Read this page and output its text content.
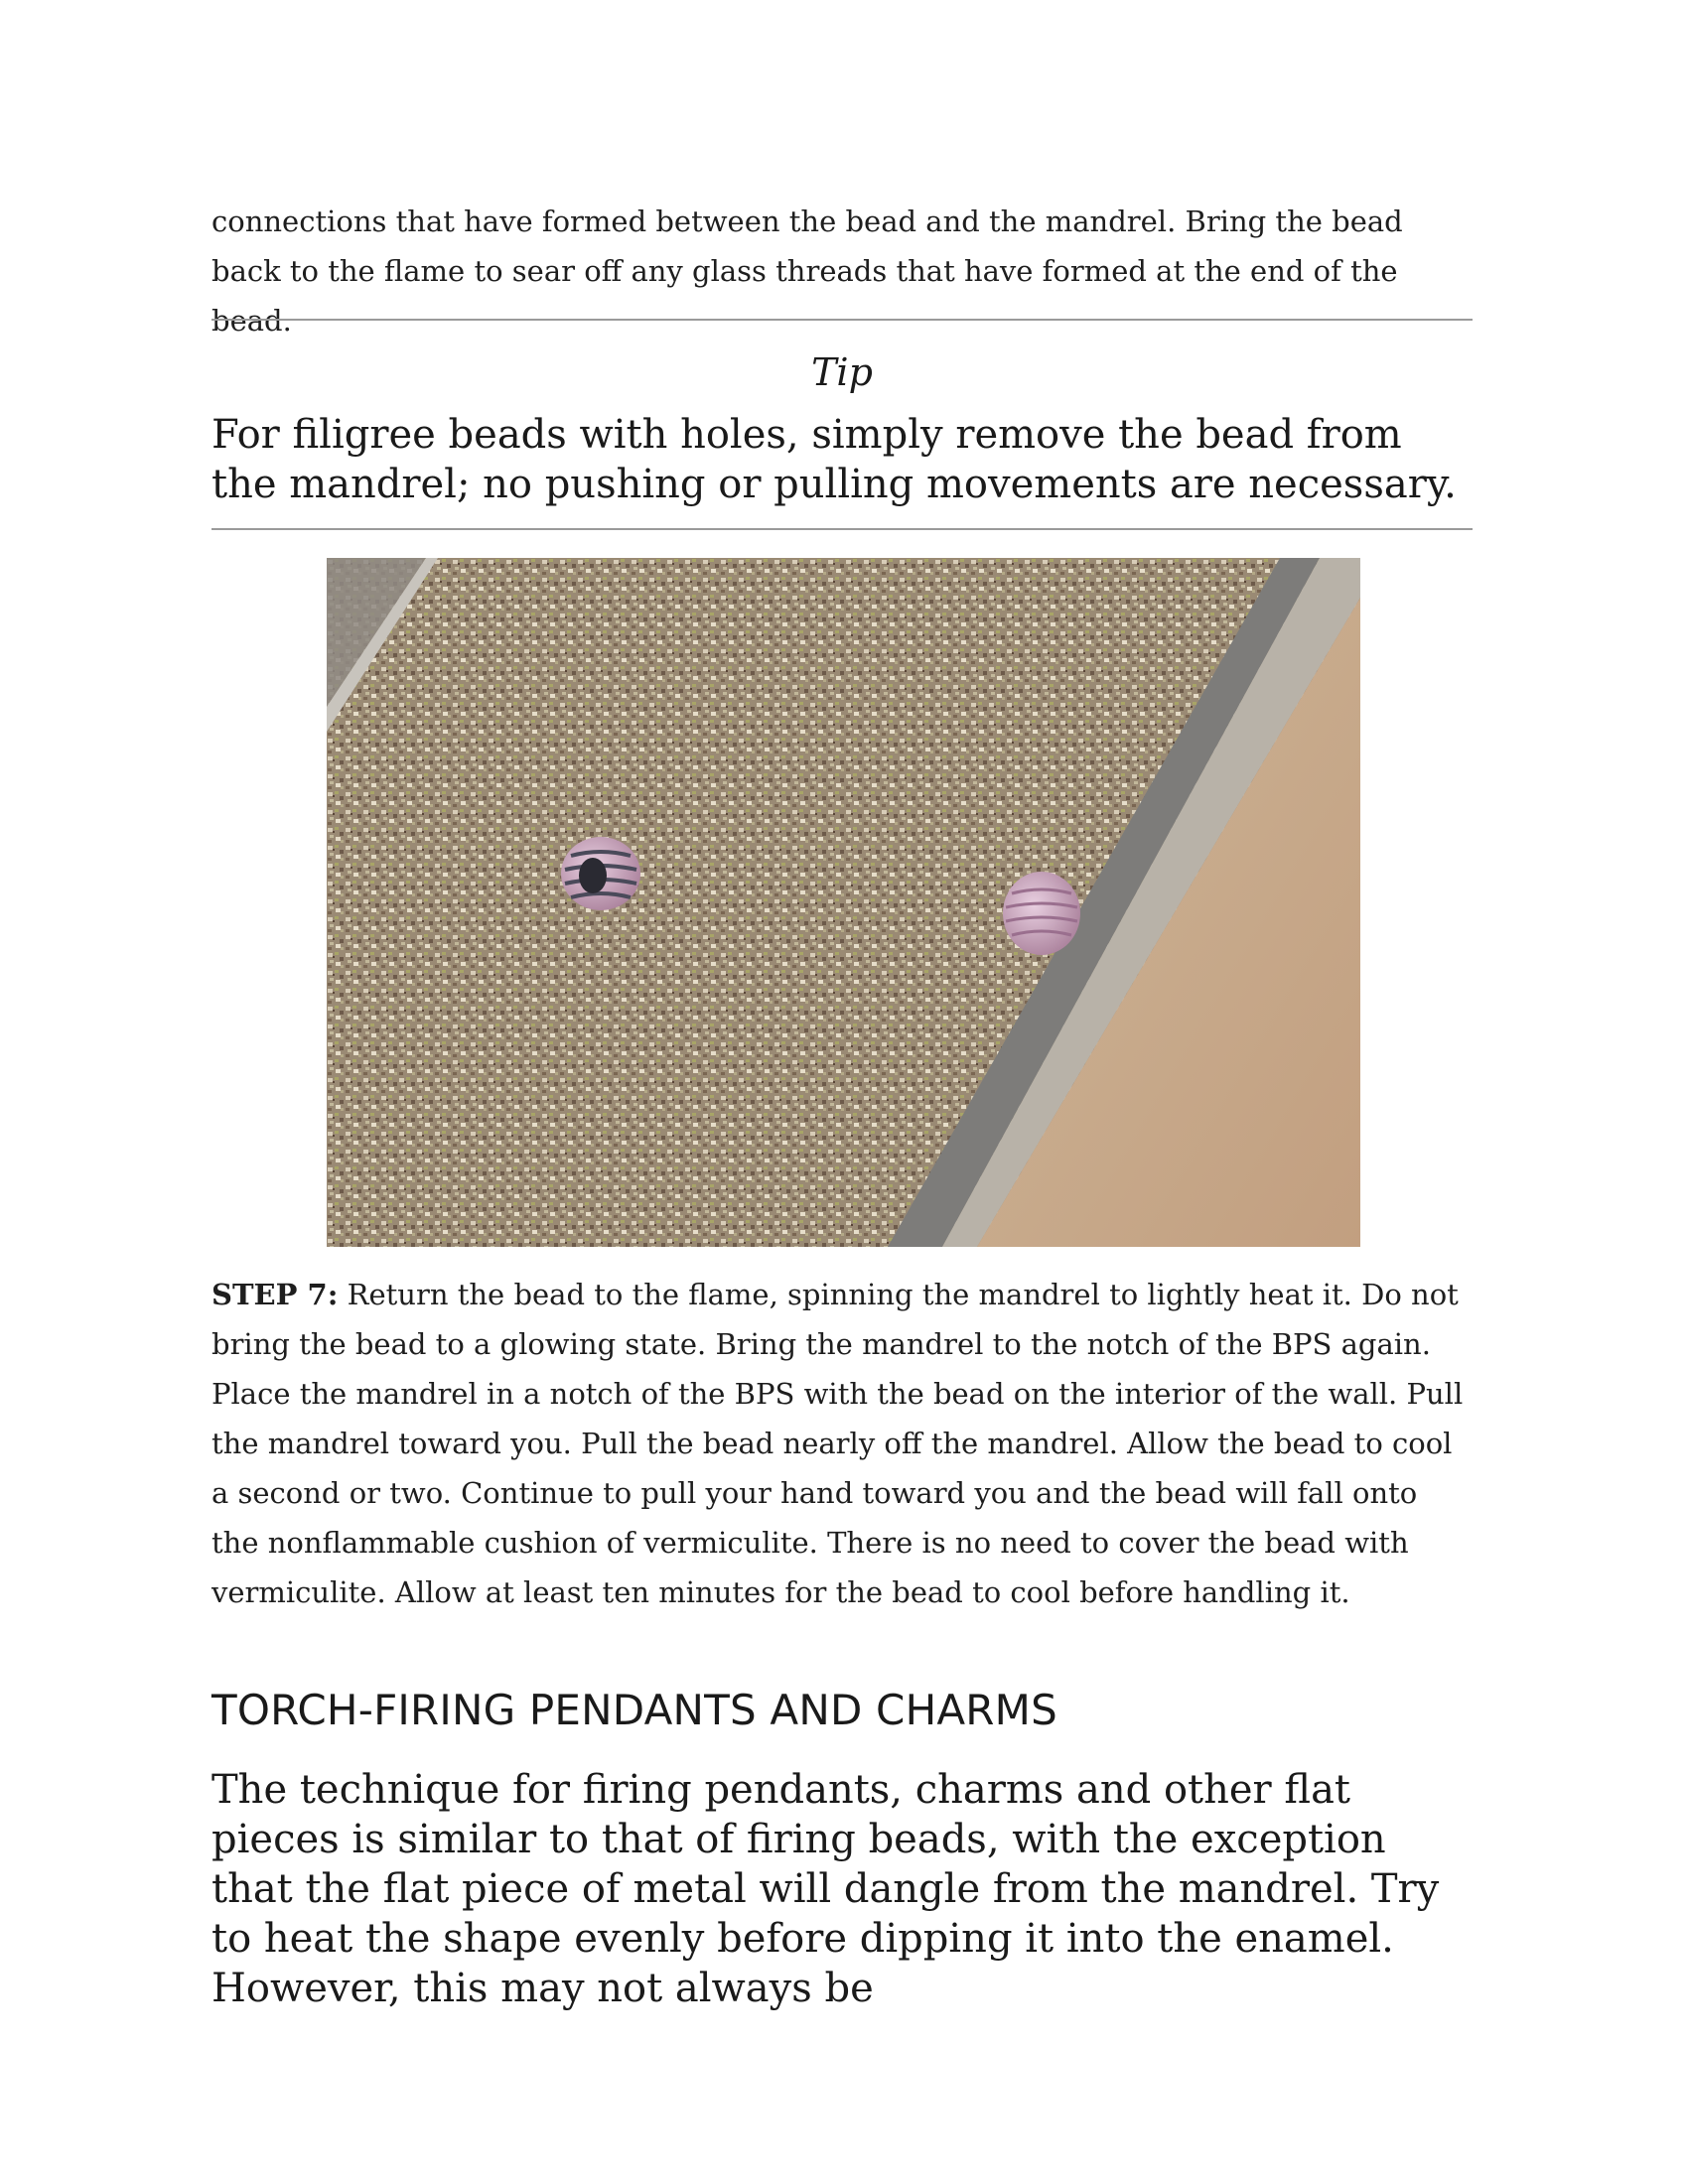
connections that have formed between the bead and the mandrel. Bring the bead back to the flame to sear off any glass threads that have formed at the end of the bead.

Tip

For filigree beads with holes, simply remove the bead from the mandrel; no pushing or pulling movements are necessary.

STEP 7: Return the bead to the flame, spinning the mandrel to lightly heat it. Do not bring the bead to a glowing state. Bring the mandrel to the notch of the BPS again. Place the mandrel in a notch of the BPS with the bead on the interior of the wall. Pull the mandrel toward you. Pull the bead nearly off the mandrel. Allow the bead to cool a second or two. Continue to pull your hand toward you and the bead will fall onto the nonflammable cushion of vermiculite. There is no need to cover the bead with vermiculite. Allow at least ten minutes for the bead to cool before handling it.

TORCH-FIRING PENDANTS AND CHARMS

The technique for firing pendants, charms and other flat pieces is similar to that of firing beads, with the exception that the flat piece of metal will dangle from the mandrel. Try to heat the shape evenly before dipping it into the enamel. However, this may not always be
